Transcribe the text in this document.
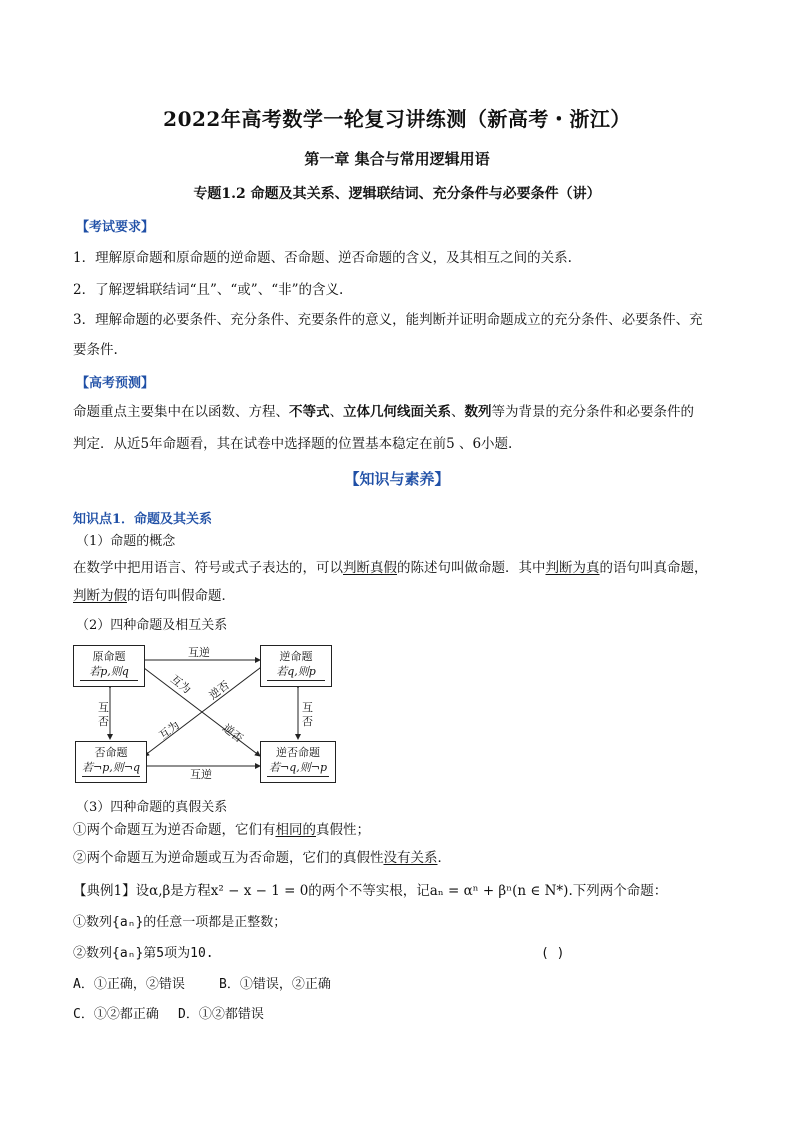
2022年高考数学一轮复习讲练测（新高考・浙江）
第一章 集合与常用逻辑用语
专题1.2 命题及其关系、逻辑联结词、充分条件与必要条件（讲）
【考试要求】
1．理解原命题和原命题的逆命题、否命题、逆否命题的含义，及其相互之间的关系.
2．了解逻辑联结词“且”、“或”、“非”的含义.
3．理解命题的必要条件、充分条件、充要条件的意义，能判断并证明命题成立的充分条件、必要条件、充
要条件.
【高考预测】
命题重点主要集中在以函数、方程、不等式、立体几何线面关系、数列等为背景的充分条件和必要条件的
判定．从近5年命题看，其在试卷中选择题的位置基本稳定在前5 、6小题.
【知识与素养】
知识点1．命题及其关系
（1）命题的概念
在数学中把用语言、符号或式子表达的，可以判断真假的陈述句叫做命题．其中判断为真的语句叫真命题，
判断为假的语句叫假命题．
（2）四种命题及相互关系
原命题
若p,则q
逆命题
若q,则p
否命题
若¬p,则¬q
逆否命题
若¬q,则¬p
互逆
互逆
互
否
互
否
互为
逆否
互为
逆否
（3）四种命题的真假关系
①两个命题互为逆否命题，它们有相同的真假性；
②两个命题互为逆命题或互为否命题，它们的真假性没有关系．
【典例1】设α,β是方程x² − x − 1 = 0的两个不等实根，记aₙ = αⁿ + βⁿ(n ∈ N*).下列两个命题：
①数列{aₙ}的任意一项都是正整数；
②数列{aₙ}第5项为10.	( )
A．①正确，②错误	B．①错误，②正确
C．①②都正确 D．①②都错误
